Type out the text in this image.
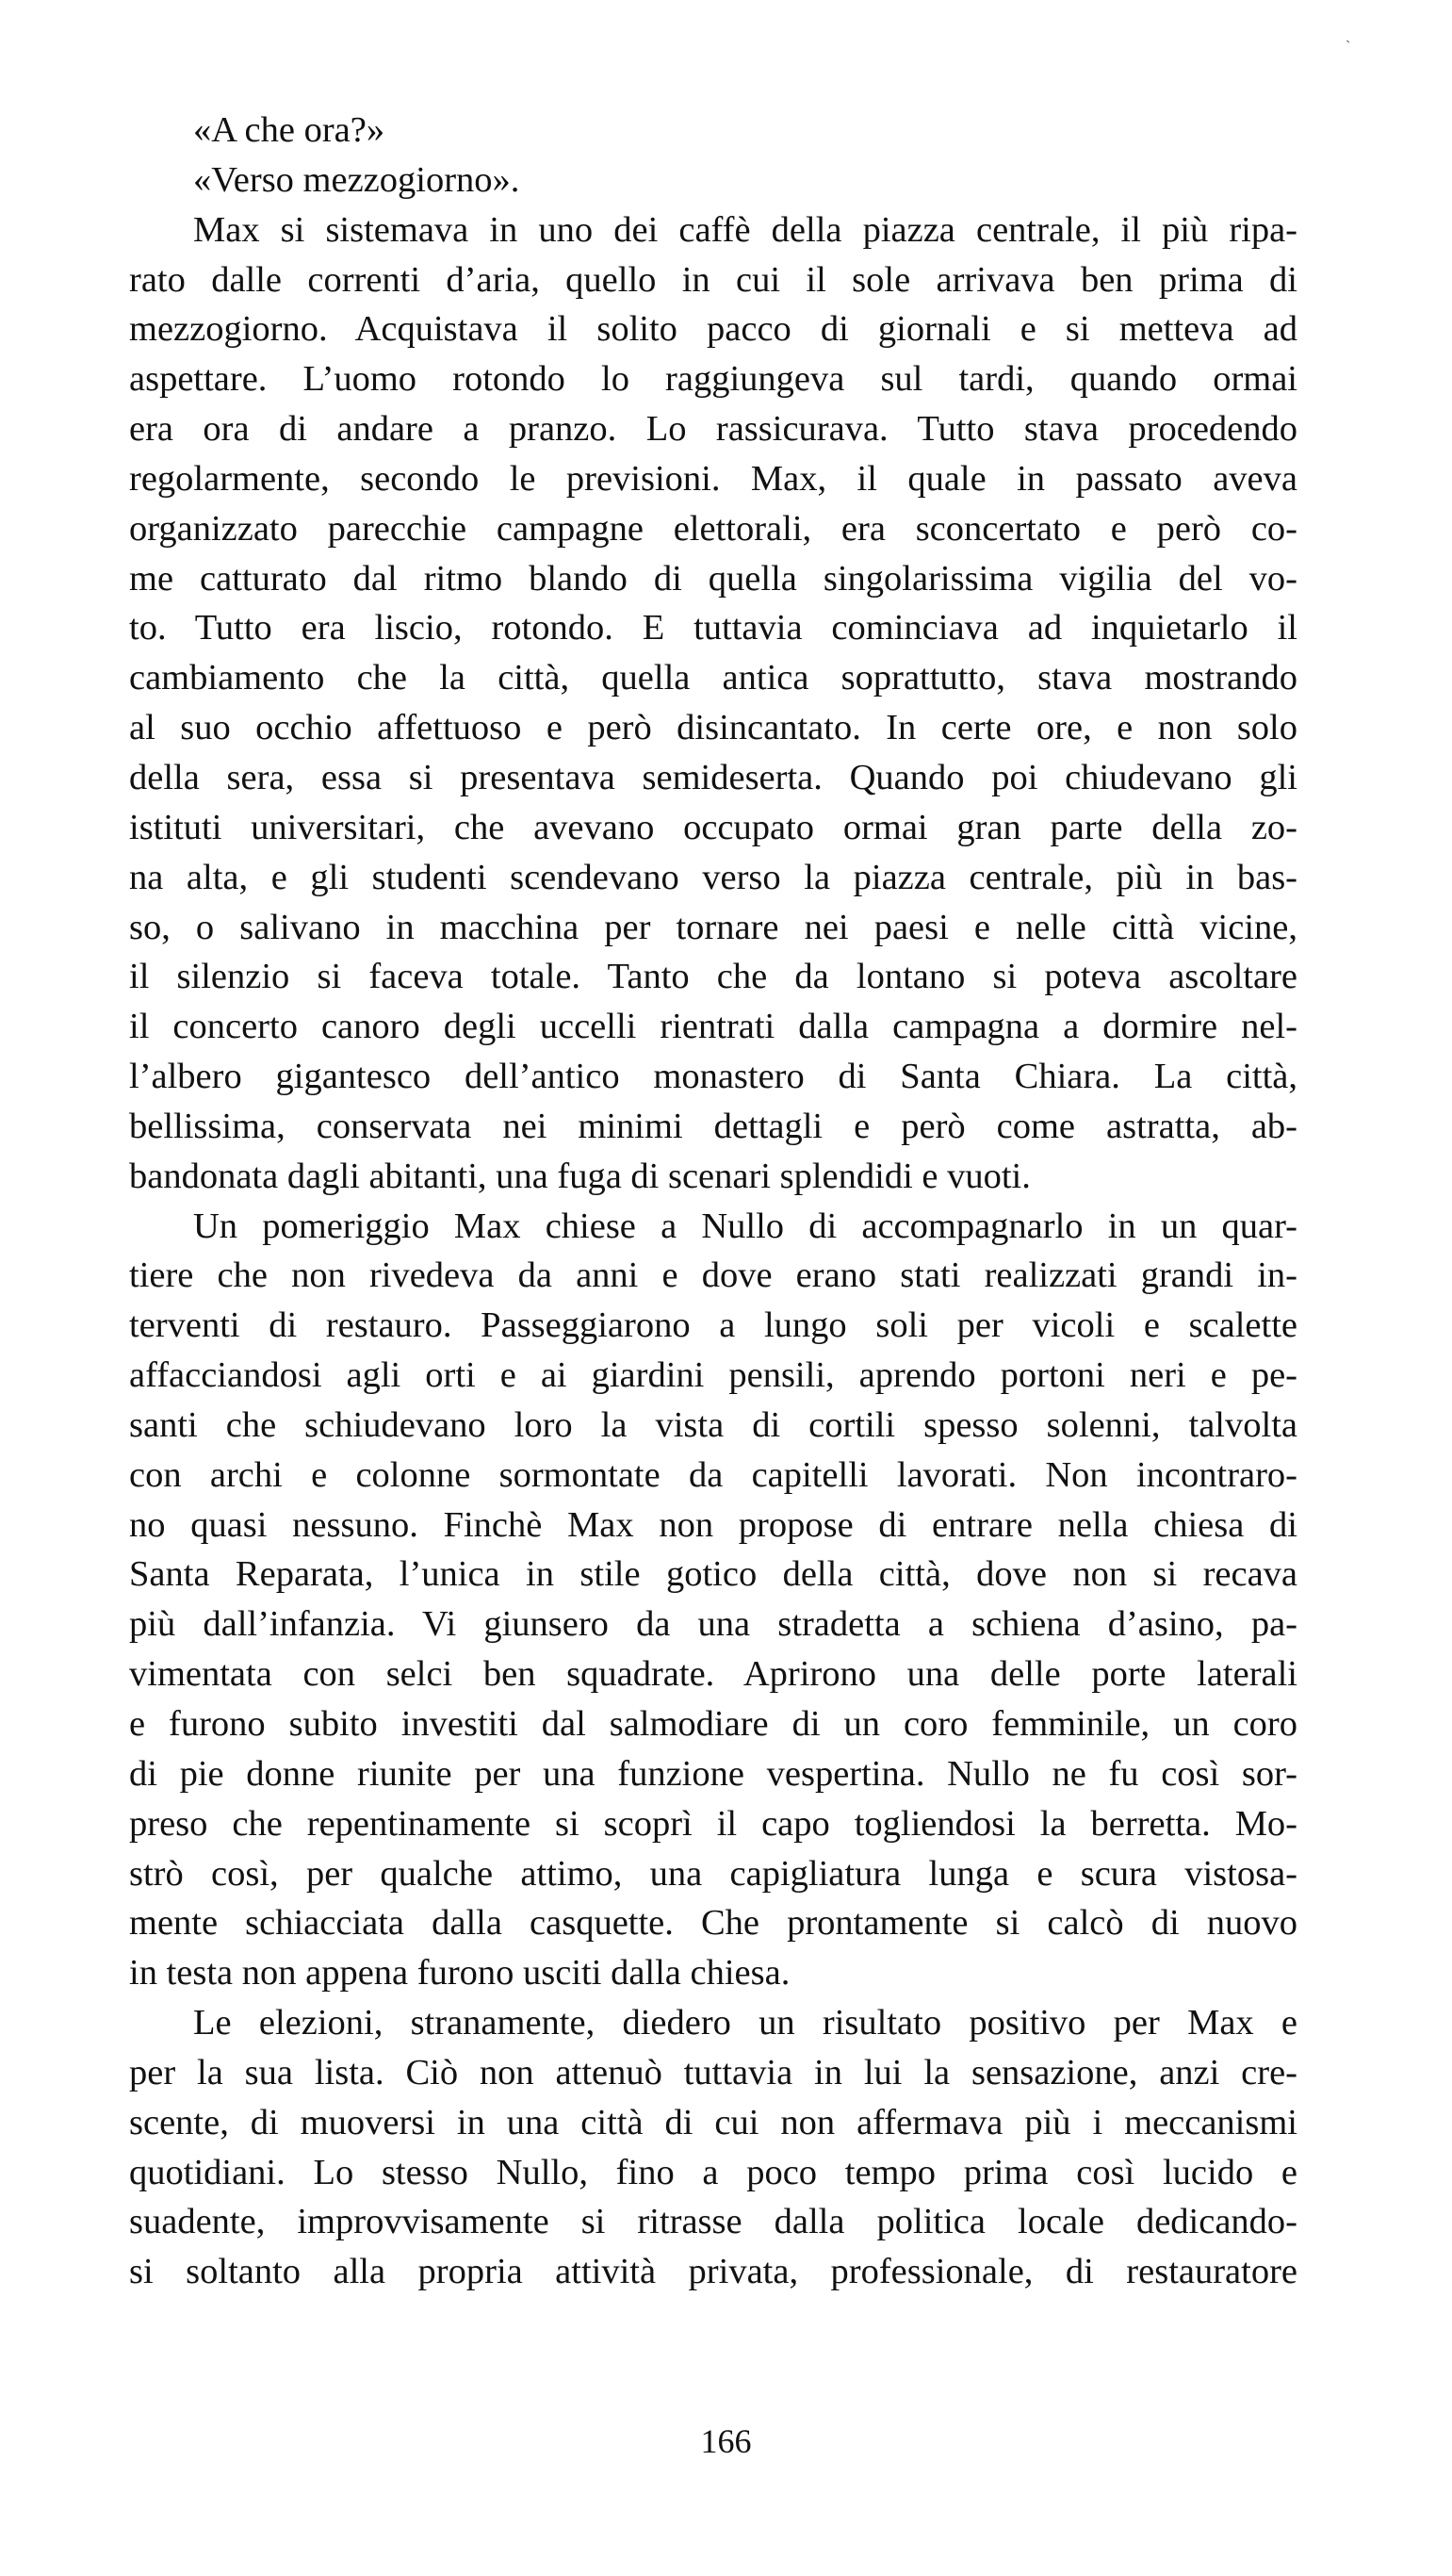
ˎ
«A che ora?»
«Verso mezzogiorno».
Max si sistemava in uno dei caffè della piazza centrale, il più ripa-
rato dalle correnti d’aria, quello in cui il sole arrivava ben prima di
mezzogiorno. Acquistava il solito pacco di giornali e si metteva ad
aspettare. L’uomo rotondo lo raggiungeva sul tardi, quando ormai
era ora di andare a pranzo. Lo rassicurava. Tutto stava procedendo
regolarmente, secondo le previsioni. Max, il quale in passato aveva
organizzato parecchie campagne elettorali, era sconcertato e però co-
me catturato dal ritmo blando di quella singolarissima vigilia del vo-
to. Tutto era liscio, rotondo. E tuttavia cominciava ad inquietarlo il
cambiamento che la città, quella antica soprattutto, stava mostrando
al suo occhio affettuoso e però disincantato. In certe ore, e non solo
della sera, essa si presentava semideserta. Quando poi chiudevano gli
istituti universitari, che avevano occupato ormai gran parte della zo-
na alta, e gli studenti scendevano verso la piazza centrale, più in bas-
so, o salivano in macchina per tornare nei paesi e nelle città vicine,
il silenzio si faceva totale. Tanto che da lontano si poteva ascoltare
il concerto canoro degli uccelli rientrati dalla campagna a dormire nel-
l’albero gigantesco dell’antico monastero di Santa Chiara. La città,
bellissima, conservata nei minimi dettagli e però come astratta, ab-
bandonata dagli abitanti, una fuga di scenari splendidi e vuoti.
Un pomeriggio Max chiese a Nullo di accompagnarlo in un quar-
tiere che non rivedeva da anni e dove erano stati realizzati grandi in-
terventi di restauro. Passeggiarono a lungo soli per vicoli e scalette
affacciandosi agli orti e ai giardini pensili, aprendo portoni neri e pe-
santi che schiudevano loro la vista di cortili spesso solenni, talvolta
con archi e colonne sormontate da capitelli lavorati. Non incontraro-
no quasi nessuno. Finchè Max non propose di entrare nella chiesa di
Santa Reparata, l’unica in stile gotico della città, dove non si recava
più dall’infanzia. Vi giunsero da una stradetta a schiena d’asino, pa-
vimentata con selci ben squadrate. Aprirono una delle porte laterali
e furono subito investiti dal salmodiare di un coro femminile, un coro
di pie donne riunite per una funzione vespertina. Nullo ne fu così sor-
preso che repentinamente si scoprì il capo togliendosi la berretta. Mo-
strò così, per qualche attimo, una capigliatura lunga e scura vistosa-
mente schiacciata dalla casquette. Che prontamente si calcò di nuovo
in testa non appena furono usciti dalla chiesa.
Le elezioni, stranamente, diedero un risultato positivo per Max e
per la sua lista. Ciò non attenuò tuttavia in lui la sensazione, anzi cre-
scente, di muoversi in una città di cui non affermava più i meccanismi
quotidiani. Lo stesso Nullo, fino a poco tempo prima così lucido e
suadente, improvvisamente si ritrasse dalla politica locale dedicando-
si soltanto alla propria attività privata, professionale, di restauratore
166
